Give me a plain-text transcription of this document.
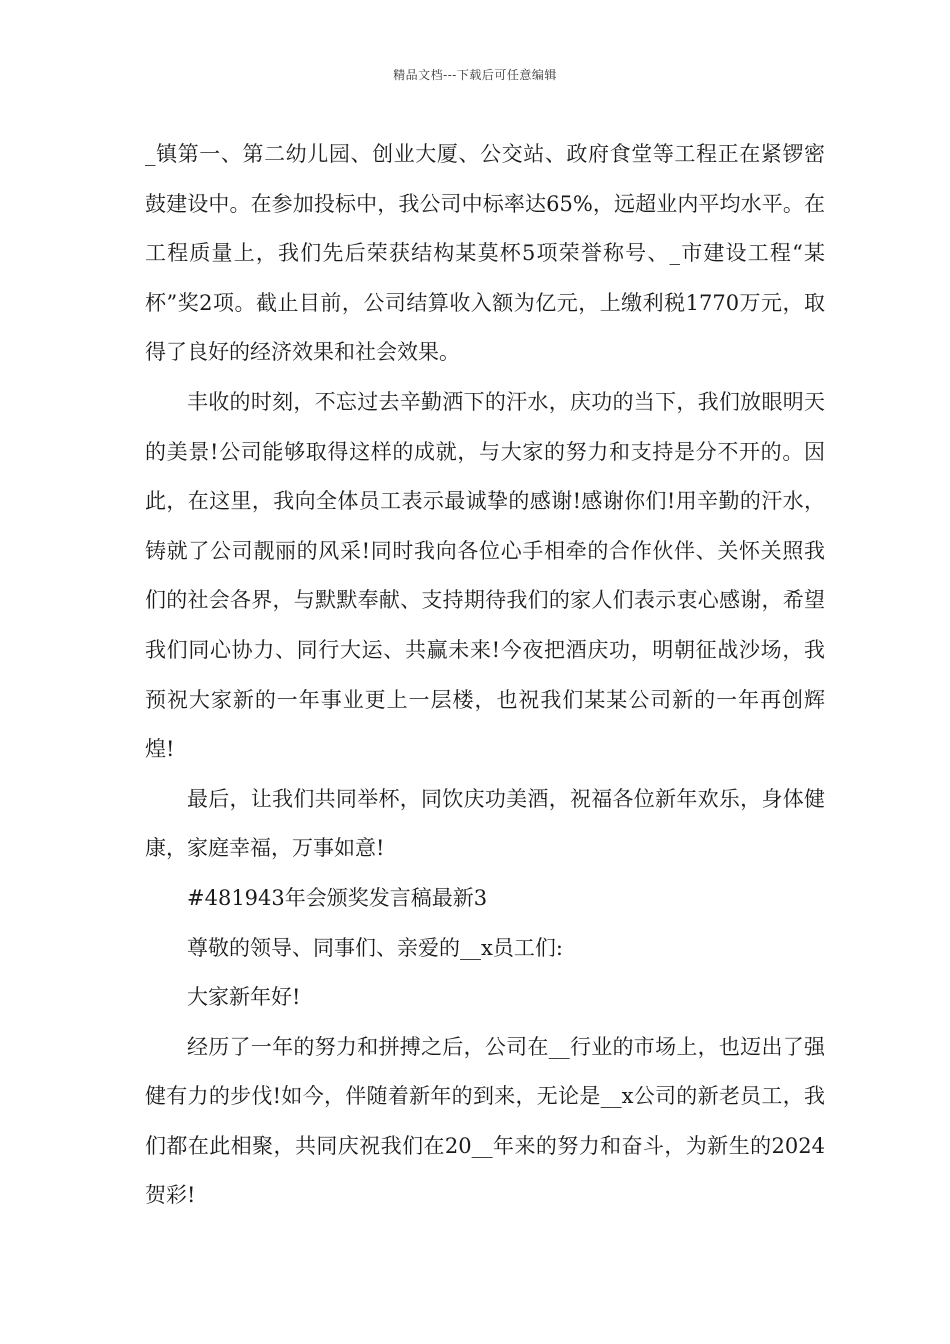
精品文档---下载后可任意编辑

_镇第一、第二幼儿园、创业大厦、公交站、政府食堂等工程正在紧锣密鼓建设中。在参加投标中，我公司中标率达65%，远超业内平均水平。在工程质量上，我们先后荣获结构某莫杯5项荣誉称号、_市建设工程“某杯”奖2项。截止目前，公司结算收入额为亿元，上缴利税1770万元，取得了良好的经济效果和社会效果。

丰收的时刻，不忘过去辛勤洒下的汗水，庆功的当下，我们放眼明天的美景!公司能够取得这样的成就，与大家的努力和支持是分不开的。因此，在这里，我向全体员工表示最诚挚的感谢!感谢你们!用辛勤的汗水，铸就了公司靓丽的风采!同时我向各位心手相牵的合作伙伴、关怀关照我们的社会各界，与默默奉献、支持期待我们的家人们表示衷心感谢，希望我们同心协力、同行大运、共赢未来!今夜把酒庆功，明朝征战沙场，我预祝大家新的一年事业更上一层楼，也祝我们某某公司新的一年再创辉煌!

最后，让我们共同举杯，同饮庆功美酒，祝福各位新年欢乐，身体健康，家庭幸福，万事如意!

#481943年会颁奖发言稿最新3

尊敬的领导、同事们、亲爱的__x员工们:

大家新年好!

经历了一年的努力和拼搏之后，公司在__行业的市场上，也迈出了强健有力的步伐!如今，伴随着新年的到来，无论是__x公司的新老员工，我们都在此相聚，共同庆祝我们在20__年来的努力和奋斗，为新生的2024贺彩!
